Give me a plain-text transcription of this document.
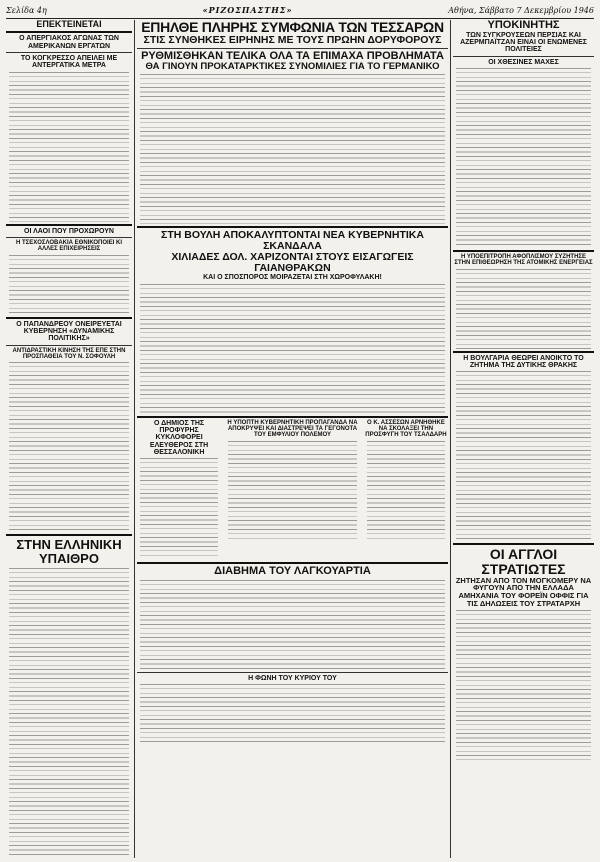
Σελίδα 4η	«ΡΙΖΟΣΠΑΣΤΗΣ»	Αθήνα, Σάββατο 7 Δεκεμβρίου 1946
ΕΠΕΚΤΕΙΝΕΤΑΙ
Ο ΑΠΕΡΓΙΑΚΟΣ ΑΓΩΝΑΣ ΤΩΝ ΑΜΕΡΙΚΑΝΩΝ ΕΡΓΑΤΩΝ
ΤΟ ΚΟΓΚΡΕΣΣΟ ΑΠΕΙΛΕΙ ΜΕ ΑΝΤΕΡΓΑΤΙΚΑ ΜΕΤΡΑ
ΟΙ ΛΑΟΙ ΠΟΥ ΠΡΟΧΩΡΟΥΝ
Η ΤΣΕΧΟΣΛΟΒΑΚΙΑ ΕΘΝΙΚΟΠΟΙΕΙ ΚΙ ΑΛΛΕΣ ΕΠΙΧΕΙΡΗΣΕΙΣ
Ο ΠΑΠΑΝΔΡΕΟΥ ΟΝΕΙΡΕΥΕΤΑΙ ΚΥΒΕΡΝΗΣΗ «ΔΥΝΑΜΙΚΗΣ ΠΟΛΙΤΙΚΗΣ»
ΑΝΤΙΔΡΑΣΤΙΚΗ ΚΙΝΗΣΗ ΤΗΣ ΕΠΕ ΣΤΗΝ ΠΡΟΣΠΑΘΕΙΑ ΤΟΥ Ν. ΣΟΦΟΥΛΗ
ΣΤΗΝ ΕΛΛΗΝΙΚΗ ΥΠΑΙΘΡΟ
ΕΠΗΛΘΕ ΠΛΗΡΗΣ ΣΥΜΦΩΝΙΑ ΤΩΝ ΤΕΣΣΑΡΩΝ
ΣΤΙΣ ΣΥΝΘΗΚΕΣ ΕΙΡΗΝΗΣ ΜΕ ΤΟΥΣ ΠΡΩΗΝ ΔΟΡΥΦΟΡΟΥΣ
ΡΥΘΜΙΣΘΗΚΑΝ ΤΕΛΙΚΑ ΟΛΑ ΤΑ ΕΠΙΜΑΧΑ ΠΡΟΒΛΗΜΑΤΑ
ΘΑ ΓΙΝΟΥΝ ΠΡΟΚΑΤΑΡΚΤΙΚΕΣ ΣΥΝΟΜΙΛΙΕΣ ΓΙΑ ΤΟ ΓΕΡΜΑΝΙΚΟ
ΣΤΗ ΒΟΥΛΗ ΑΠΟΚΑΛΥΠΤΟΝΤΑΙ ΝΕΑ ΚΥΒΕΡΝΗΤΙΚΑ ΣΚΑΝΔΑΛΑ
ΧΙΛΙΑΔΕΣ ΔΟΛ. ΧΑΡΙΖΟΝΤΑΙ ΣΤΟΥΣ ΕΙΣΑΓΩΓΕΙΣ ΓΑΙΑΝΘΡΑΚΩΝ
ΚΑΙ Ο ΣΠΟΣΠΟΡΟΣ ΜΟΙΡΑΖΕΤΑΙ ΣΤΗ ΧΩΡΟΦΥΛΑΚΗ!
Ο ΔΗΜΙΟΣ ΤΗΣ ΠΡΟΦΥΡΗΣ ΚΥΚΛΟΦΟΡΕΙ ΕΛΕΥΘΕΡΟΣ ΣΤΗ ΘΕΣΣΑΛΟΝΙΚΗ
Η ΥΠΟΠΤΗ ΚΥΒΕΡΝΗΤΙΚΗ ΠΡΟΠΑΓΑΝΔΑ ΝΑ ΑΠΟΚΡΥΨΕΙ ΚΑΙ ΔΙΑΣΤΡΕΨΕΙ ΤΑ ΓΕΓΟΝΟΤΑ ΤΟΥ ΕΜΦΥΛΙΟΥ ΠΟΛΕΜΟΥ
Ο Κ. ΑΣΣΕΣΩΝ ΑΡΝΗΘΗΚΕ ΝΑ ΣΚΟΛΑΞΕΙ ΤΗΝ ΠΡΟΣΦΥΓΗ ΤΟΥ ΤΣΑΛΔΑΡΗ
ΔΙΑΒΗΜΑ ΤΟΥ ΛΑΓΚΟΥΑΡΤΙΑ
Η ΦΩΝΗ ΤΟΥ ΚΥΡΙΟΥ ΤΟΥ
ΥΠΟΚΙΝΗΤΗΣ
ΤΩΝ ΣΥΓΚΡΟΥΣΕΩΝ ΠΕΡΣΙΑΣ ΚΑΙ ΑΖΕΡΜΠΑΪΤΖΑΝ ΕΙΝΑΙ ΟΙ ΕΝΩΜΕΝΕΣ ΠΟΛΙΤΕΙΕΣ
ΟΙ ΧΘΕΣΙΝΕΣ ΜΑΧΕΣ
Η ΥΠΟΕΠΙΤΡΟΠΗ ΑΦΟΠΛΙΣΜΟΥ ΣΥΖΗΤΗΣΕ ΣΤΗΝ ΕΠΙΘΕΩΡΗΣΗ ΤΗΣ ΑΤΟΜΙΚΗΣ ΕΝΕΡΓΕΙΑΣ
Η ΒΟΥΛΓΑΡΙΑ ΘΕΩΡΕΙ ΑΝΟΙΚΤΟ ΤΟ ΖΗΤΗΜΑ ΤΗΣ ΔΥΤΙΚΗΣ ΘΡΑΚΗΣ
ΟΙ ΑΓΓΛΟΙ ΣΤΡΑΤΙΩΤΕΣ
ΖΗΤΗΣΑΝ ΑΠΟ ΤΟΝ ΜΟΓΚΟΜΕΡΥ ΝΑ ΦΥΓΟΥΝ ΑΠΟ ΤΗΝ ΕΛΛΑΔΑ
ΑΜΗΧΑΝΙΑ ΤΟΥ ΦΟΡΕΪΝ ΟΦΦΙΣ ΓΙΑ ΤΙΣ ΔΗΛΩΣΕΙΣ ΤΟΥ ΣΤΡΑΤΑΡΧΗ
